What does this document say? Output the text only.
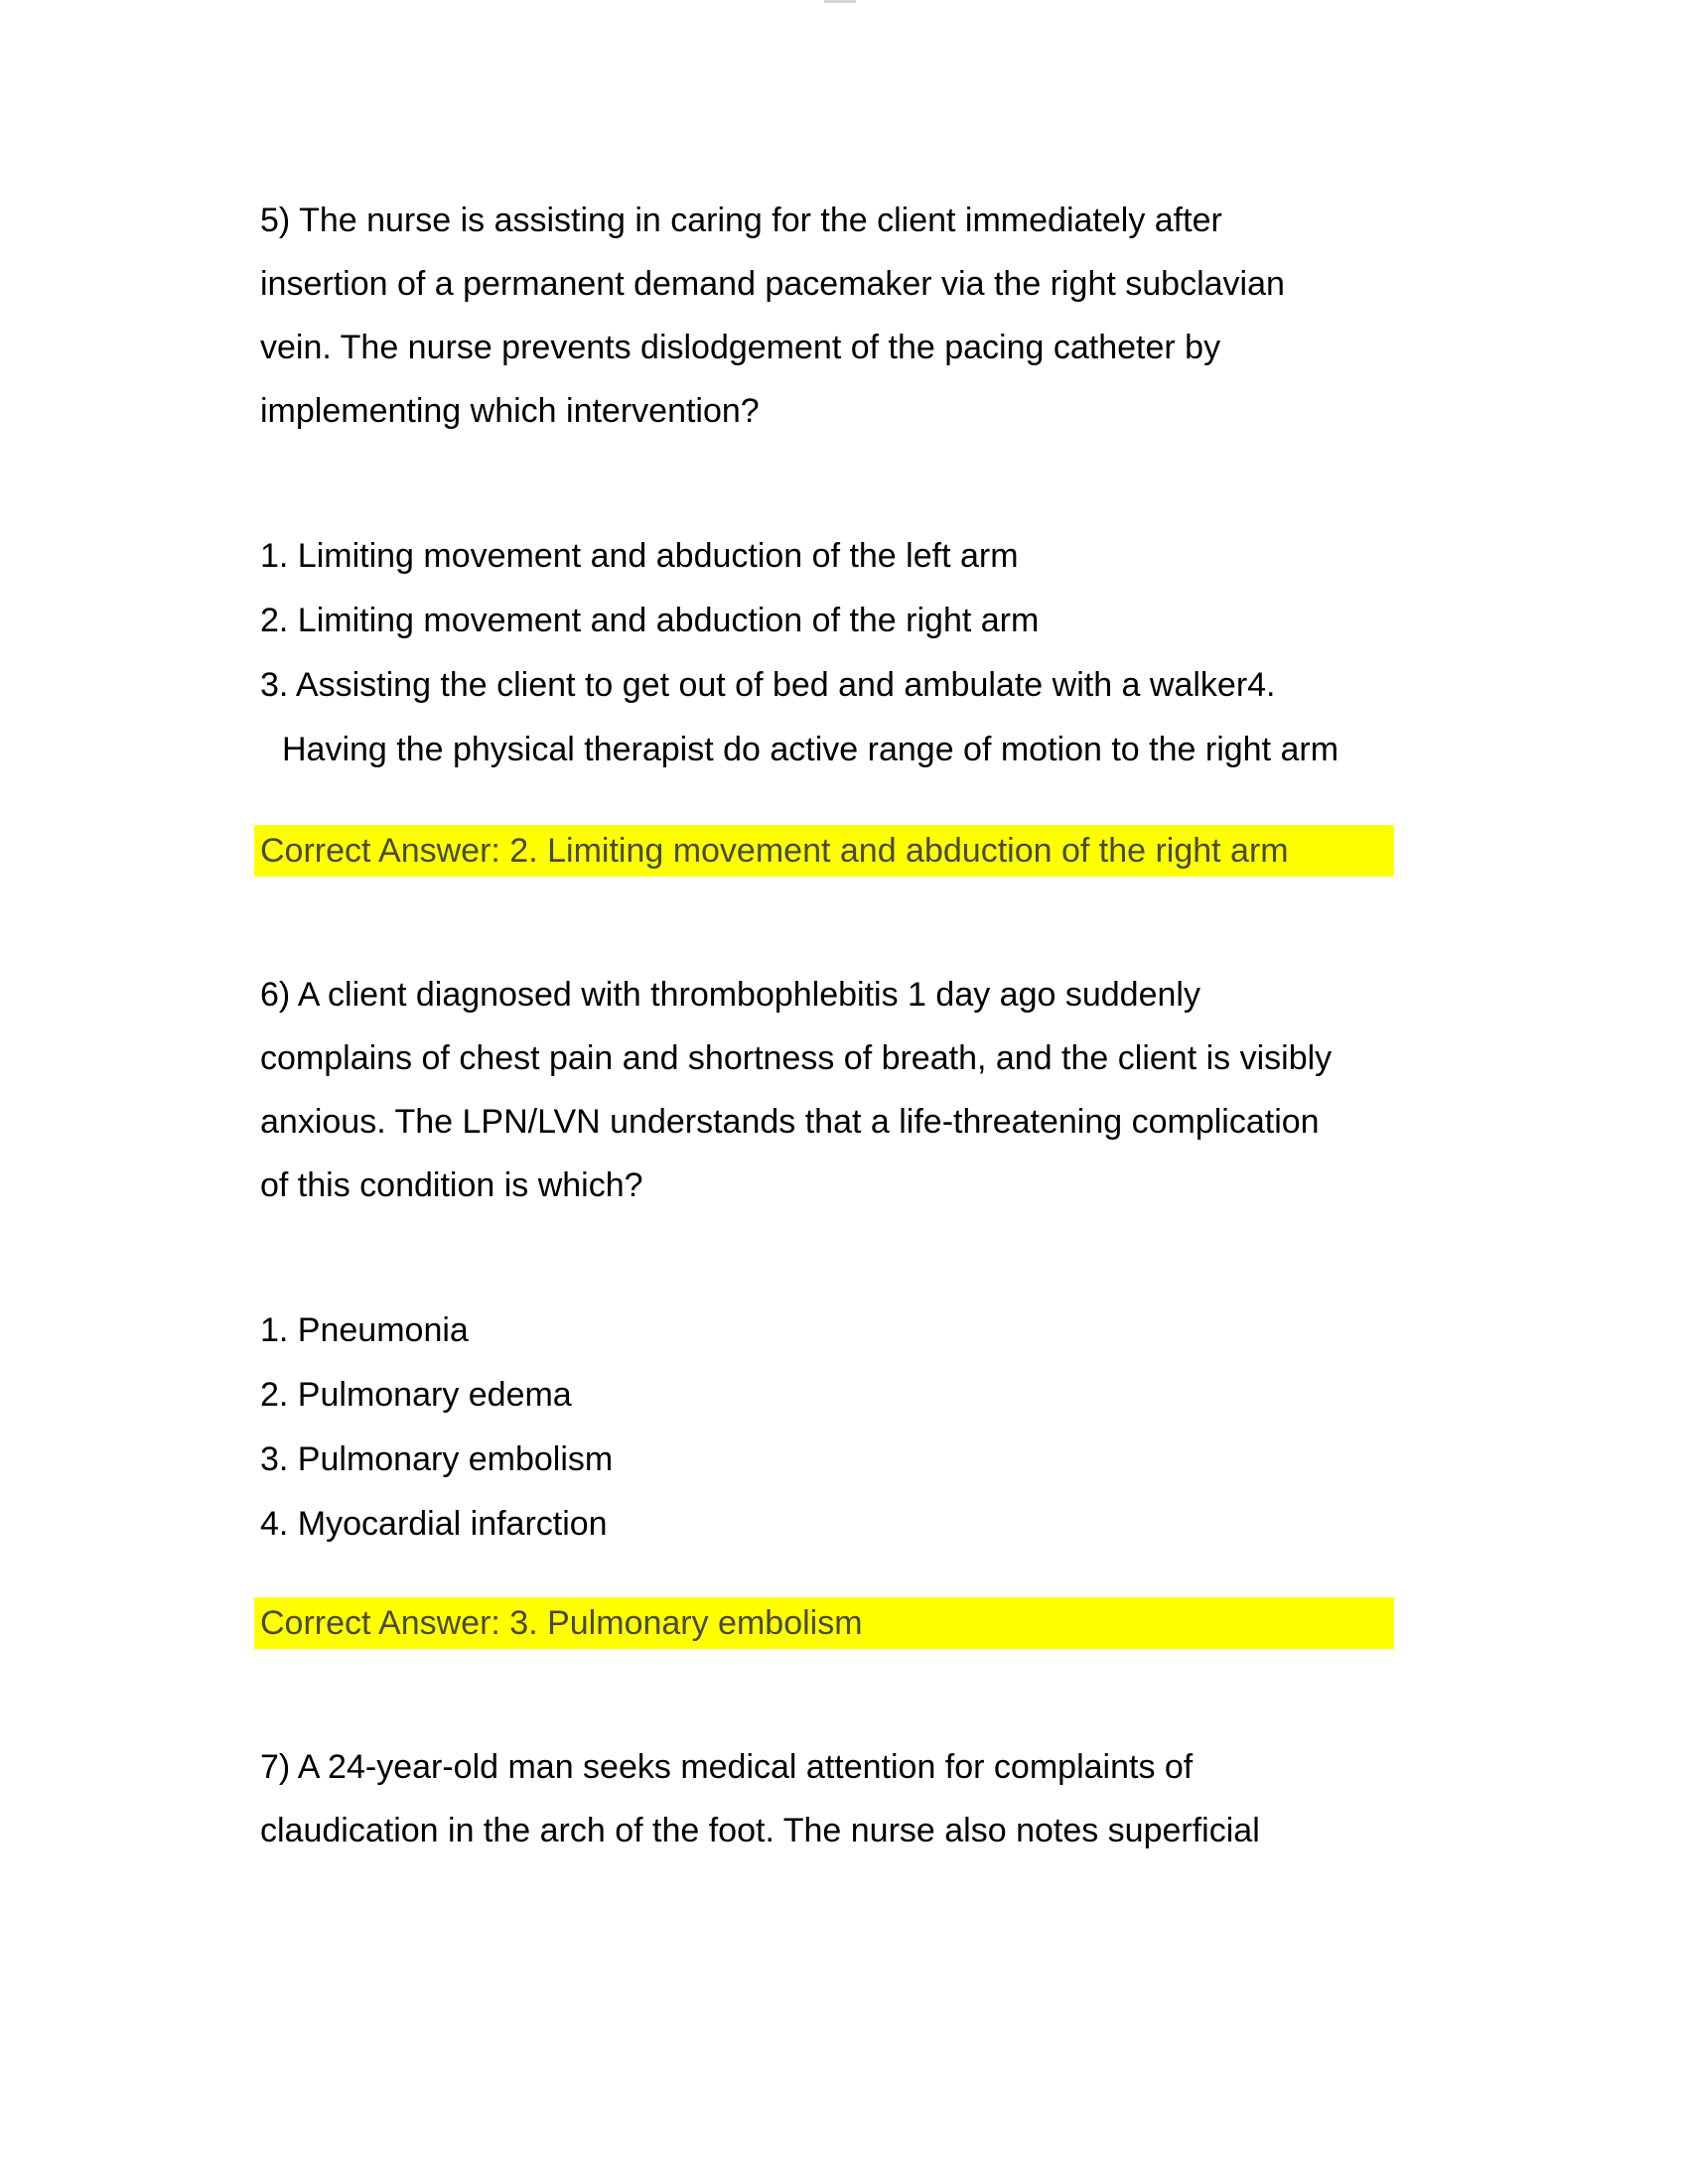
5) The nurse is assisting in caring for the client immediately after
insertion of a permanent demand pacemaker via the right subclavian
vein. The nurse prevents dislodgement of the pacing catheter by
implementing which intervention?
1. Limiting movement and abduction of the left arm
2. Limiting movement and abduction of the right arm
3. Assisting the client to get out of bed and ambulate with a walker4.
Having the physical therapist do active range of motion to the right arm
Correct Answer: 2. Limiting movement and abduction of the right arm
6) A client diagnosed with thrombophlebitis 1 day ago suddenly
complains of chest pain and shortness of breath, and the client is visibly
anxious. The LPN/LVN understands that a life-threatening complication
of this condition is which?
1. Pneumonia
2. Pulmonary edema
3. Pulmonary embolism
4. Myocardial infarction
Correct Answer: 3. Pulmonary embolism
7) A 24-year-old man seeks medical attention for complaints of
claudication in the arch of the foot. The nurse also notes superficial
